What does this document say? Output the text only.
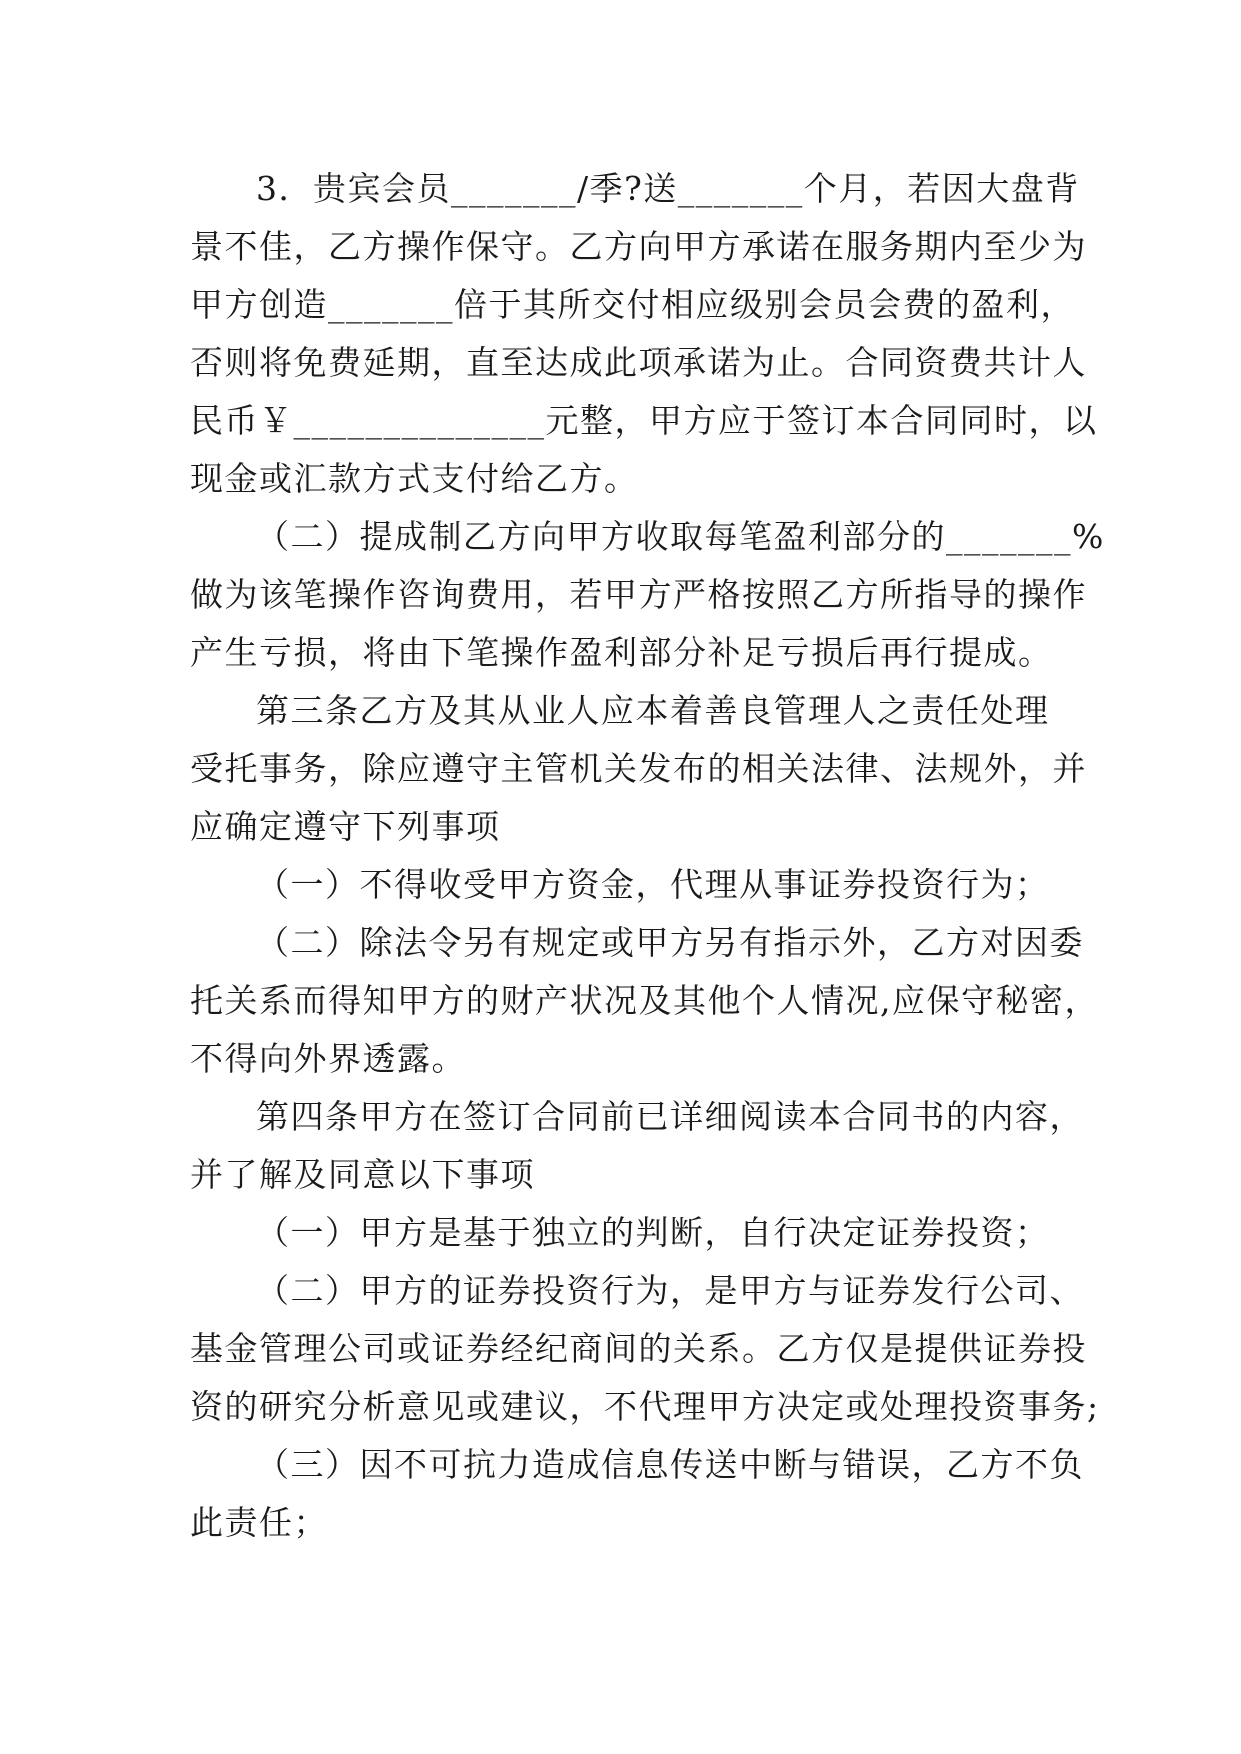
3．贵宾会员_______/季?送_______个月，若因大盘背
景不佳，乙方操作保守。乙方向甲方承诺在服务期内至少为
甲方创造_______倍于其所交付相应级别会员会费的盈利，
否则将免费延期，直至达成此项承诺为止。合同资费共计人
民币￥______________元整，甲方应于签订本合同同时，以
现金或汇款方式支付给乙方。
（二）提成制乙方向甲方收取每笔盈利部分的_______%
做为该笔操作咨询费用，若甲方严格按照乙方所指导的操作
产生亏损，将由下笔操作盈利部分补足亏损后再行提成。
第三条乙方及其从业人应本着善良管理人之责任处理
受托事务，除应遵守主管机关发布的相关法律、法规外，并
应确定遵守下列事项
（一）不得收受甲方资金，代理从事证券投资行为；
（二）除法令另有规定或甲方另有指示外，乙方对因委
托关系而得知甲方的财产状况及其他个人情况,应保守秘密，
不得向外界透露。
第四条甲方在签订合同前已详细阅读本合同书的内容，
并了解及同意以下事项
（一）甲方是基于独立的判断，自行决定证券投资；
（二）甲方的证券投资行为，是甲方与证券发行公司、
基金管理公司或证券经纪商间的关系。乙方仅是提供证券投
资的研究分析意见或建议，不代理甲方决定或处理投资事务;
（三）因不可抗力造成信息传送中断与错误，乙方不负
此责任；
